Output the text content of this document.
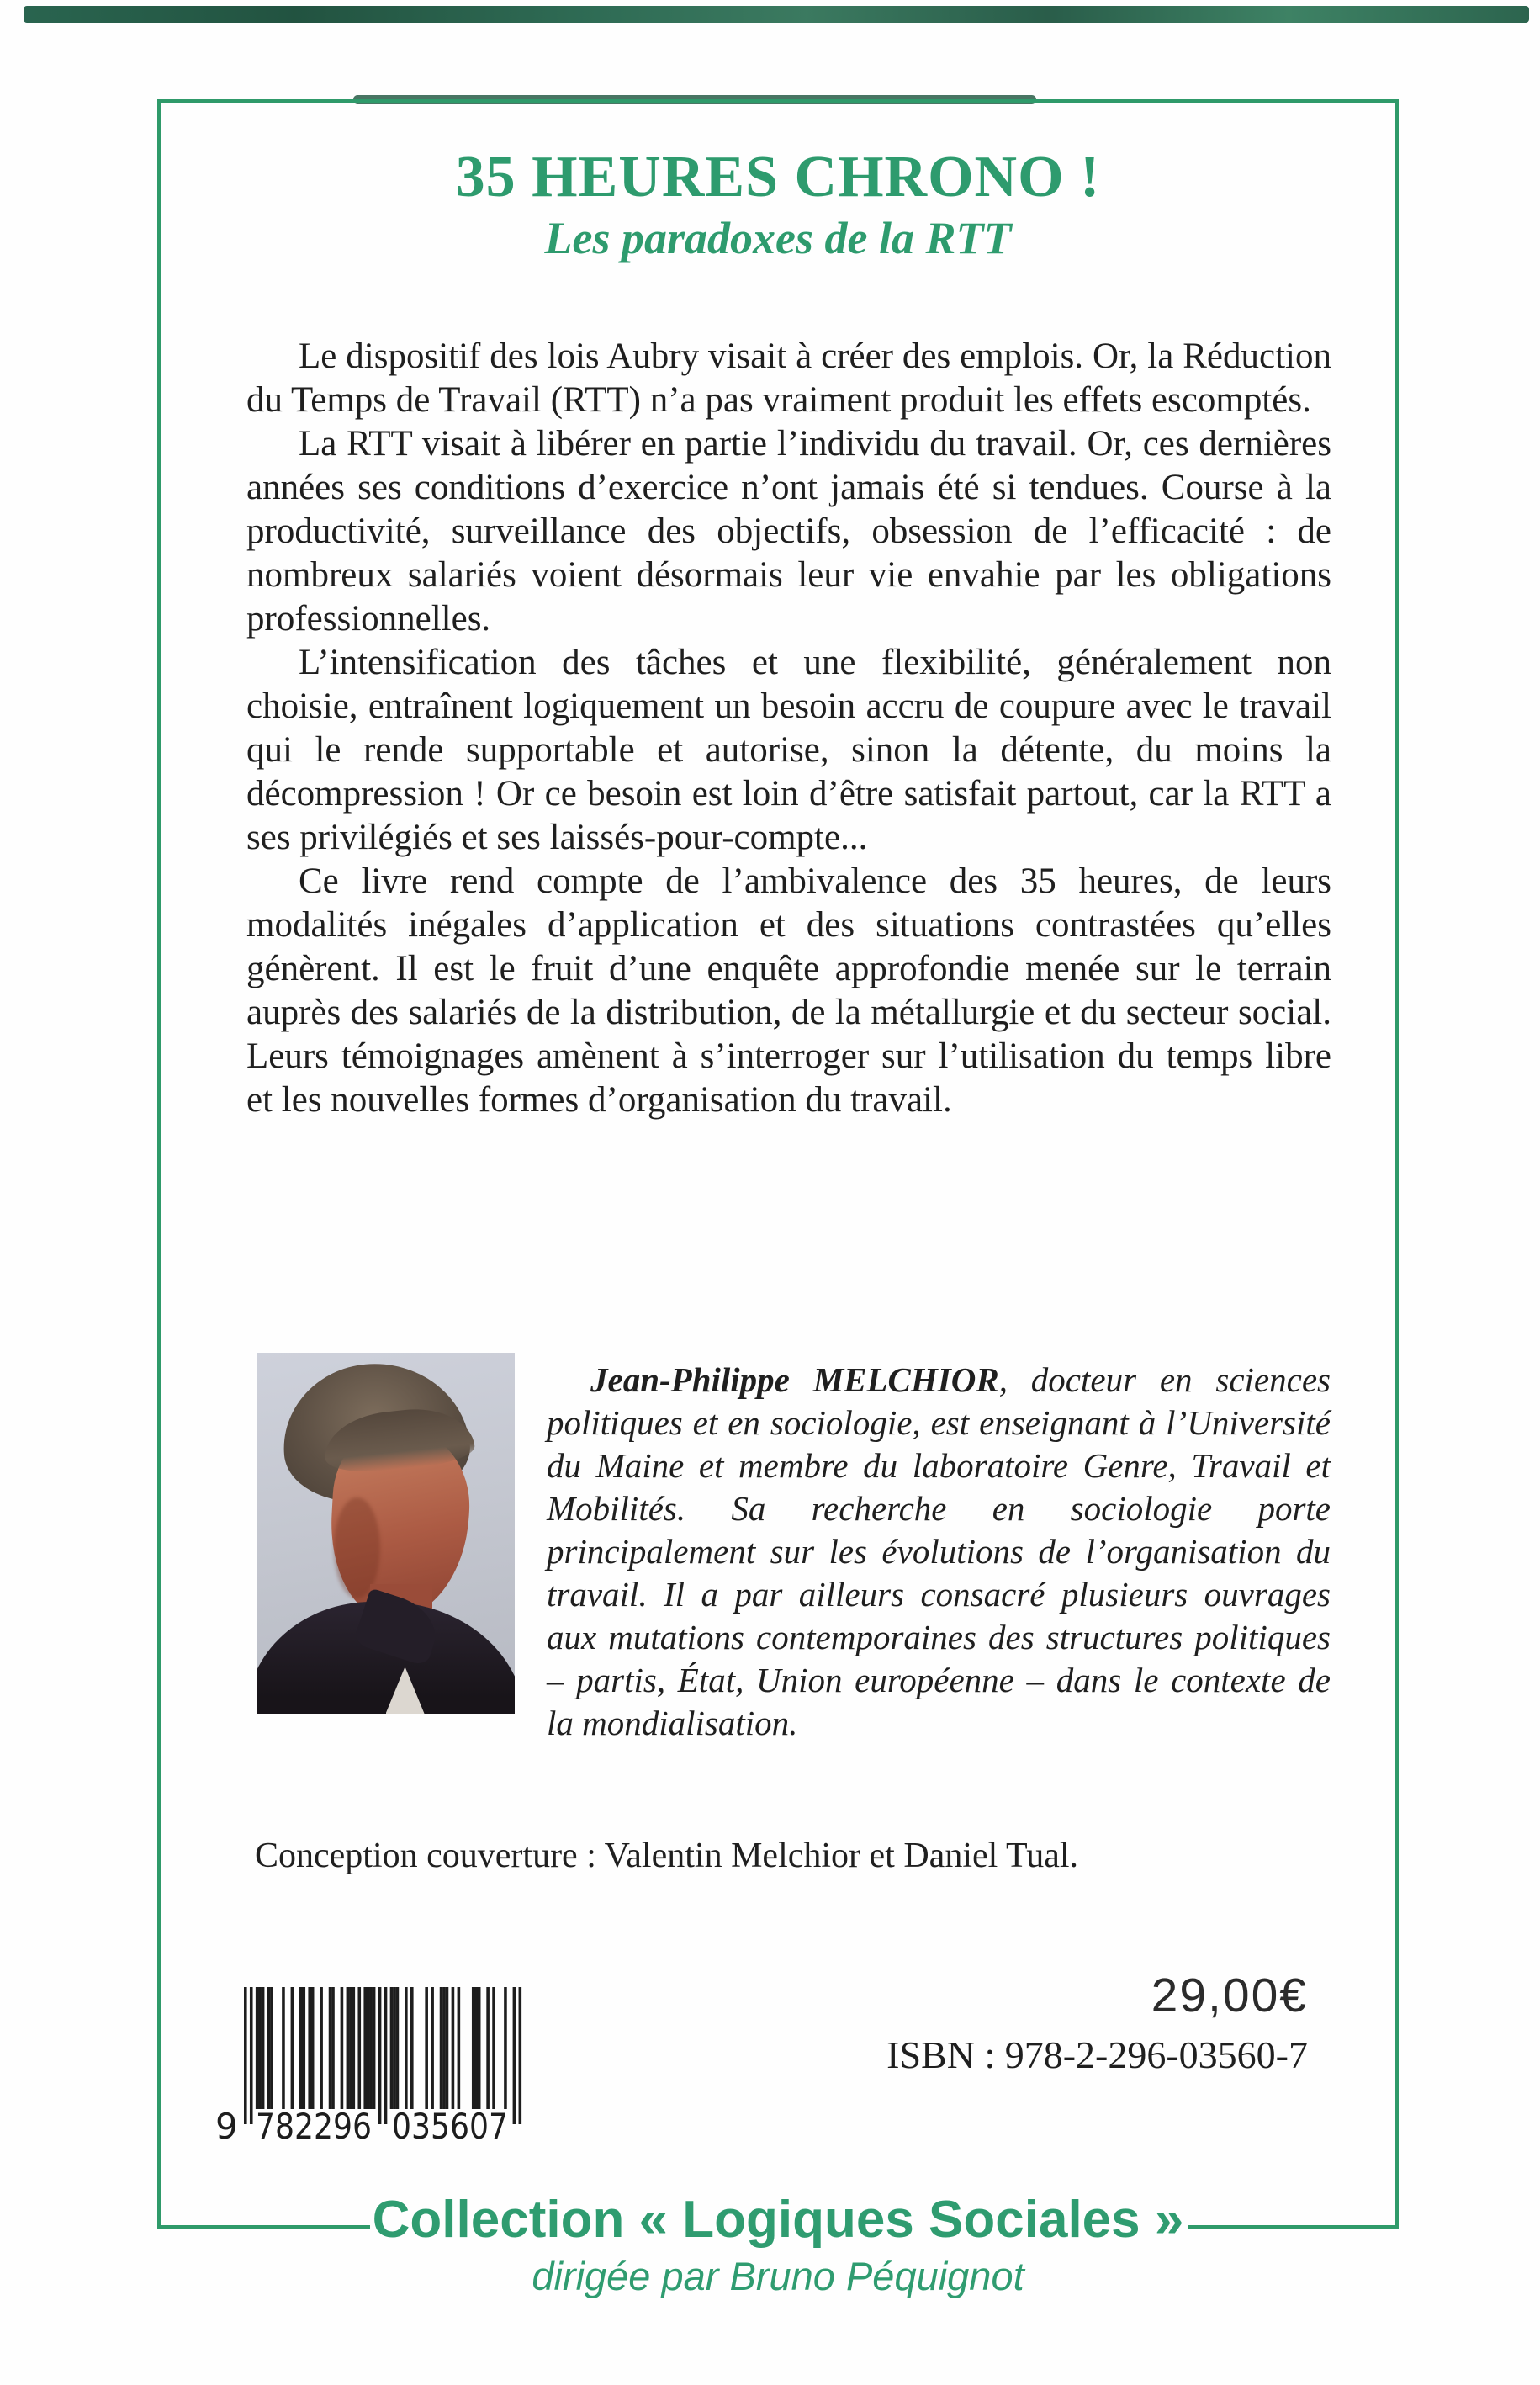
35 HEURES CHRONO !
Les paradoxes de la RTT

Le dispositif des lois Aubry visait à créer des emplois. Or, la Réduction du Temps de Travail (RTT) n’a pas vraiment produit les effets escomptés.

La RTT visait à libérer en partie l’individu du travail. Or, ces dernières années ses conditions d’exercice n’ont jamais été si tendues. Course à la productivité, surveillance des objectifs, obsession de l’efficacité : de nombreux salariés voient désormais leur vie envahie par les obligations professionnelles.

L’intensification des tâches et une flexibilité, généralement non choisie, entraînent logiquement un besoin accru de coupure avec le travail qui le rende supportable et autorise, sinon la détente, du moins la décompression ! Or ce besoin est loin d’être satisfait partout, car la RTT a ses privilégiés et ses laissés-pour-compte...

Ce livre rend compte de l’ambivalence des 35 heures, de leurs modalités inégales d’application et des situations contrastées qu’elles génèrent. Il est le fruit d’une enquête approfondie menée sur le terrain auprès des salariés de la distribution, de la métallurgie et du secteur social. Leurs témoignages amènent à s’interroger sur l’utilisation du temps libre et les nouvelles formes d’organisation du travail.

Jean-Philippe MELCHIOR, docteur en sciences politiques et en sociologie, est enseignant à l’Université du Maine et membre du laboratoire Genre, Travail et Mobilités. Sa recherche en sociologie porte principalement sur les évolutions de l’organisation du travail. Il a par ailleurs consacré plusieurs ouvrages aux mutations contemporaines des structures politiques – partis, État, Union européenne – dans le contexte de la mondialisation.
Conception couverture : Valentin Melchior et Daniel Tual.
9 782296 035607
29,00€
ISBN : 978-2-296-03560-7
Collection « Logiques Sociales »
dirigée par Bruno Péquignot
